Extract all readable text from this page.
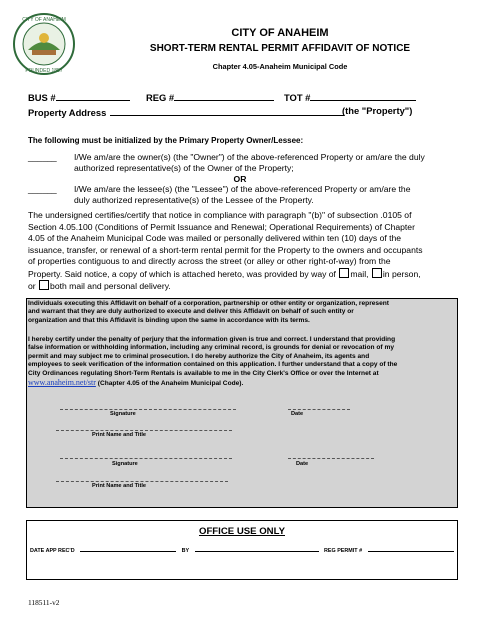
CITY OF ANAHEIM
FOUNDED 1857
CITY OF ANAHEIM
SHORT-TERM RENTAL PERMIT AFFIDAVIT OF NOTICE
Chapter 4.05-Anaheim Municipal Code
BUS #	REG #	TOT #
Property Address	(the "Property")
The following must be initialized by the Primary Property Owner/Lessee:
______ I/We am/are the owner(s) (the "Owner") of the above-referenced Property or am/are the duly
authorized representative(s) of the Owner of the Property;
OR
______ I/We am/are the lessee(s) (the "Lessee") of the above-referenced Property or am/are the
duly authorized representative(s) of the Lessee of the Property.
The undersigned certifies/certify that notice in compliance with paragraph "(b)" of subsection .0105 of
Section 4.05.100 (Conditions of Permit Issuance and Renewal; Operational Requirements) of Chapter
4.05 of the Anaheim Municipal Code was mailed or personally delivered within ten (10) days of the
issuance, transfer, or renewal of a short-term rental permit for the Property to the owners and occupants
of properties contiguous to and directly across the street (or alley or other right-of-way) from the
Property. Said notice, a copy of which is attached hereto, was provided by way of mail, in person,
or both mail and personal delivery.
Individuals executing this Affidavit on behalf of a corporation, partnership or other entity or organization, represent
and warrant that they are duly authorized to execute and deliver this Affidavit on behalf of such entity or
organization and that this Affidavit is binding upon the same in accordance with its terms.
I hereby certify under the penalty of perjury that the information given is true and correct. I understand that providing
false information or withholding information, including any criminal record, is grounds for denial or revocation of my
permit and may subject me to criminal prosecution. I do hereby authorize the City of Anaheim, its agents and
employees to seek verification of the information contained on this application. I further understand that a copy of the
City Ordinances regulating Short-Term Rentals is available to me in the City Clerk's Office or over the Internet at
www.anaheim.net/str (Chapter 4.05 of the Anaheim Municipal Code).
Signature	Date
Print Name and Title
Signature	Date
Print Name and Title
OFFICE USE ONLY
DATE APP REC'D	BY	REG PERMIT #
118511-v2
